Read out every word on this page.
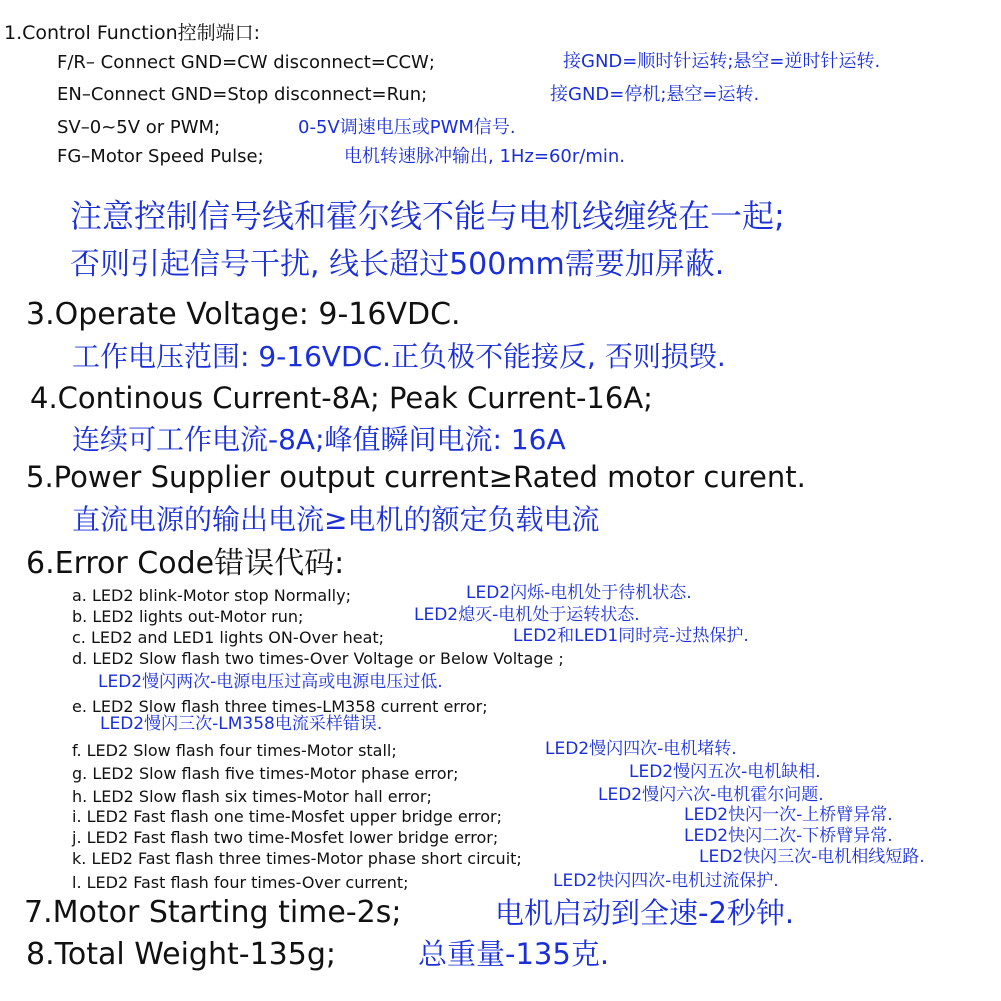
1.Control Function控制端口:
F/R– Connect GND=CW disconnect=CCW;	接GND=顺时针运转;悬空=逆时针运转.
EN–Connect GND=Stop disconnect=Run;	接GND=停机;悬空=运转.
SV–0~5V or PWM;	0-5V调速电压或PWM信号.
FG–Motor Speed Pulse;	电机转速脉冲输出, 1Hz=60r/min.
注意控制信号线和霍尔线不能与电机线缠绕在一起;
否则引起信号干扰, 线长超过500mm需要加屏蔽.
3.Operate Voltage: 9-16VDC.
工作电压范围: 9-16VDC.正负极不能接反, 否则损毁.
4.Continous Current-8A; Peak Current-16A;
连续可工作电流-8A;峰值瞬间电流: 16A
5.Power Supplier output current≥Rated motor curent.
直流电源的输出电流≥电机的额定负载电流
6.Error Code错误代码:
a. LED2 blink-Motor stop Normally;	LED2闪烁-电机处于待机状态.
b. LED2 lights out-Motor run;	LED2熄灭-电机处于运转状态.
c. LED2 and LED1 lights ON-Over heat;	LED2和LED1同时亮-过热保护.
d. LED2 Slow flash two times-Over Voltage or Below Voltage ;
LED2慢闪两次-电源电压过高或电源电压过低.
e. LED2 Slow flash three times-LM358 current error;
LED2慢闪三次-LM358电流采样错误.
f. LED2 Slow flash four times-Motor stall;	LED2慢闪四次-电机堵转.
g. LED2 Slow flash five times-Motor phase error;	LED2慢闪五次-电机缺相.
h. LED2 Slow flash six times-Motor hall error;	LED2慢闪六次-电机霍尔问题.
i. LED2 Fast flash one time-Mosfet upper bridge error;	LED2快闪一次-上桥臂异常.
j. LED2 Fast flash two time-Mosfet lower bridge error;	LED2快闪二次-下桥臂异常.
k. LED2 Fast flash three times-Motor phase short circuit;	LED2快闪三次-电机相线短路.
l. LED2 Fast flash four times-Over current;	LED2快闪四次-电机过流保护.
7.Motor Starting time-2s;	电机启动到全速-2秒钟.
8.Total Weight-135g;	总重量-135克.
